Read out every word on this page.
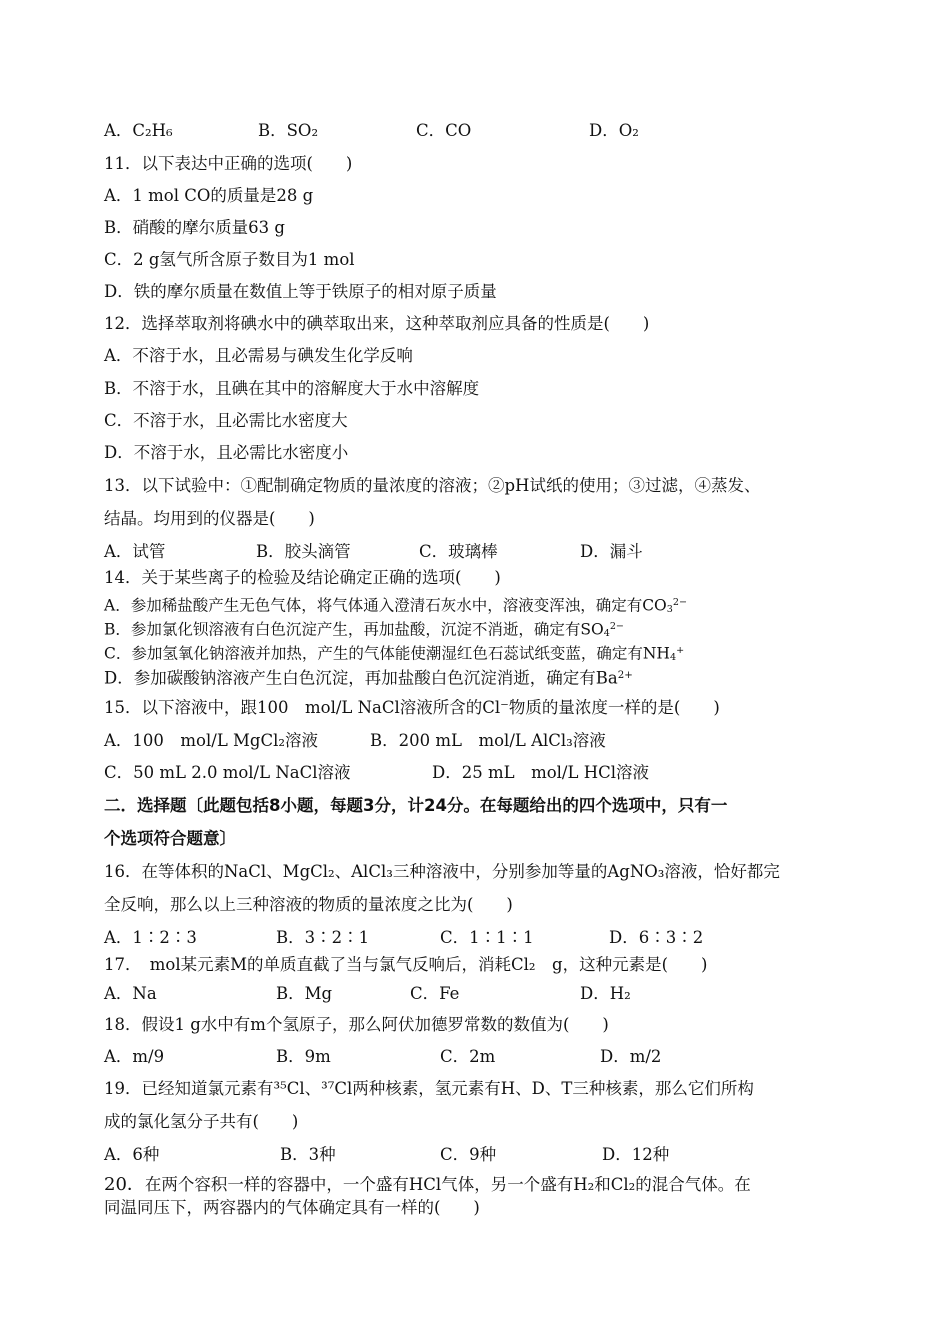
A．C₂H₆	B．SO₂	C．CO	D．O₂
11．以下表达中正确的选项(　　)
A．1 mol CO的质量是28 g
B．硝酸的摩尔质量63 g
C．2 g氢气所含原子数目为1 mol
D．铁的摩尔质量在数值上等于铁原子的相对原子质量
12．选择萃取剂将碘水中的碘萃取出来，这种萃取剂应具备的性质是(　　)
A．不溶于水，且必需易与碘发生化学反响
B．不溶于水，且碘在其中的溶解度大于水中溶解度
C．不溶于水，且必需比水密度大
D．不溶于水，且必需比水密度小
13．以下试验中：①配制确定物质的量浓度的溶液；②pH试纸的使用；③过滤，④蒸发、
结晶。均用到的仪器是(　　)
A．试管	B．胶头滴管	C．玻璃棒	D．漏斗
14．关于某些离子的检验及结论确定正确的选项(　　)
A．参加稀盐酸产生无色气体，将气体通入澄清石灰水中，溶液变浑浊，确定有$CO_3^{2-}$
B．参加氯化钡溶液有白色沉淀产生，再加盐酸，沉淀不消逝，确定有$SO_4^{2-}$
C．参加氢氧化钠溶液并加热，产生的气体能使潮湿红色石蕊试纸变蓝，确定有$NH_4^+$
D．参加碳酸钠溶液产生白色沉淀，再加盐酸白色沉淀消逝，确定有$Ba^{2+}$
15．以下溶液中，跟100　mol/L NaCl溶液所含的Cl⁻物质的量浓度一样的是(　　)
A．100　mol/L MgCl₂溶液	B．200 mL　mol/L AlCl₃溶液
C．50 mL 2.0 mol/L NaCl溶液	D．25 mL　mol/L HCl溶液
二．选择题〔此题包括8小题，每题3分，计24分。在每题给出的四个选项中，只有一
个选项符合题意〕
16．在等体积的NaCl、MgCl₂、AlCl₃三种溶液中，分别参加等量的AgNO₃溶液，恰好都完
全反响，那么以上三种溶液的物质的量浓度之比为(　　)
A．1∶2∶3	B．3∶2∶1	C．1∶1∶1	D．6∶3∶2
17．　mol某元素M的单质直截了当与氯气反响后，消耗Cl₂　g，这种元素是(　　)
A．Na	B．Mg	C．Fe	D．H₂
18．假设1 g水中有m个氢原子，那么阿伏加德罗常数的数值为(　　)
A．m/9	B．9m	C．2m	D．m/2
19．已经知道氯元素有³⁵Cl、³⁷Cl两种核素，氢元素有H、D、T三种核素，那么它们所构
成的氯化氢分子共有(　　)
A．6种	B．3种	C．9种	D．12种
20．在两个容积一样的容器中，一个盛有HCl气体，另一个盛有H₂和Cl₂的混合气体。在
同温同压下，两容器内的气体确定具有一样的(　　)
